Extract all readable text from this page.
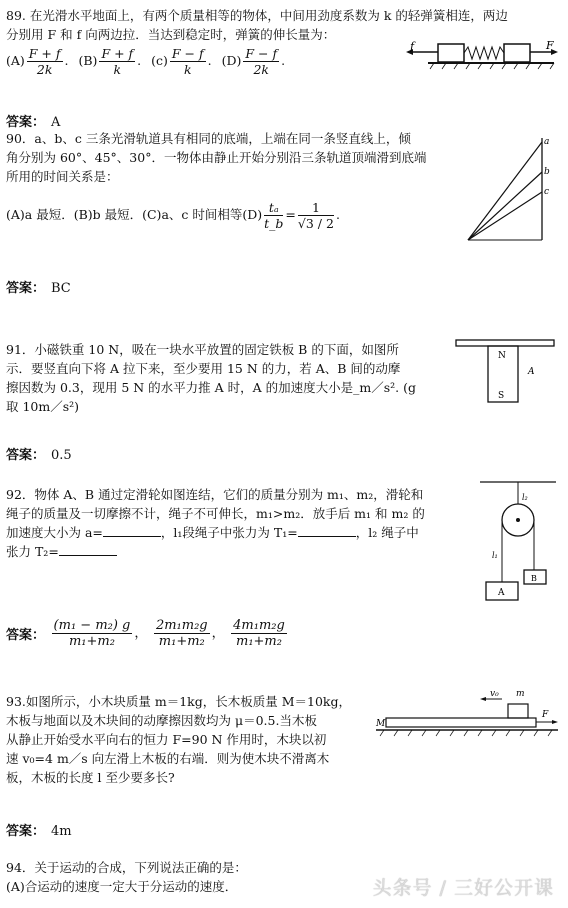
89. 在光滑水平地面上，有两个质量相等的物体，中间用劲度系数为 k 的轻弹簧相连，两边
分别用 F 和 f 向两边拉．当达到稳定时，弹簧的伸长量为：
$(A) \frac{F + f}{2k}$ . $(B) \frac{F + f}{k}$ . $(c) \frac{F - f}{k}$ . $(D) \frac{F - f}{2k}$ .
f	F
答案： A
90．a、b、c 三条光滑轨道具有相同的底端，上端在同一条竖直线上，倾
角分别为 60°、45°、30°．一物体由静止开始分别沿三条轨道顶端滑到底端
所用的时间关系是：
(A)a 最短．(B)b 最短．(C)a、c 时间相等$(D) \frac{\text{tₐ}}{t\_b} = \frac{1}{√3 / 2}$ .
a
b
c
答案： BC
91．小磁铁重 10 N，吸在一块水平放置的固定铁板 B 的下面，如图所
示．要竖直向下将 A 拉下来，至少要用 15 N 的力，若 A、B 间的动摩
擦因数为 0.3，现用 5 N 的水平力推 A 时，A 的加速度大小是_m／s². (g
取 10m／s²)
N
S
A
答案： 0.5
92．物体 A、B 通过定滑轮如图连结，它们的质量分别为 m₁、m₂，滑轮和
绳子的质量及一切摩擦不计，绳子不可伸长，m₁>m₂．放手后 m₁ 和 m₂ 的
加速度大小为 a=	，l₁段绳子中张力为 T₁=	，l₂ 绳子中
张力 T₂=
l₂
l₁
A
B
答案： $\frac{\text{(m₁ − m₂) g}}{\text{m₁+m₂}}$ ， $\frac{\text{2m₁m₂g}}{\text{m₁+m₂}}$ ， $\frac{\text{4m₁m₂g}}{\text{m₁+m₂}}$
93.如图所示，小木块质量 m＝1kg，长木板质量 M＝10kg，
木板与地面以及木块间的动摩擦因数均为 μ＝0.5.当木板
从静止开始受水平向右的恒力 F=90 N 作用时，木块以初
速 v₀=4 m／s 向左滑上木板的右端．则为使木块不滑离木
板，木板的长度 l 至少要多长?
v₀ m
M
F
答案： 4m
94．关于运动的合成，下列说法正确的是：
(A)合运动的速度一定大于分运动的速度．	头条号 / 三好公开课
